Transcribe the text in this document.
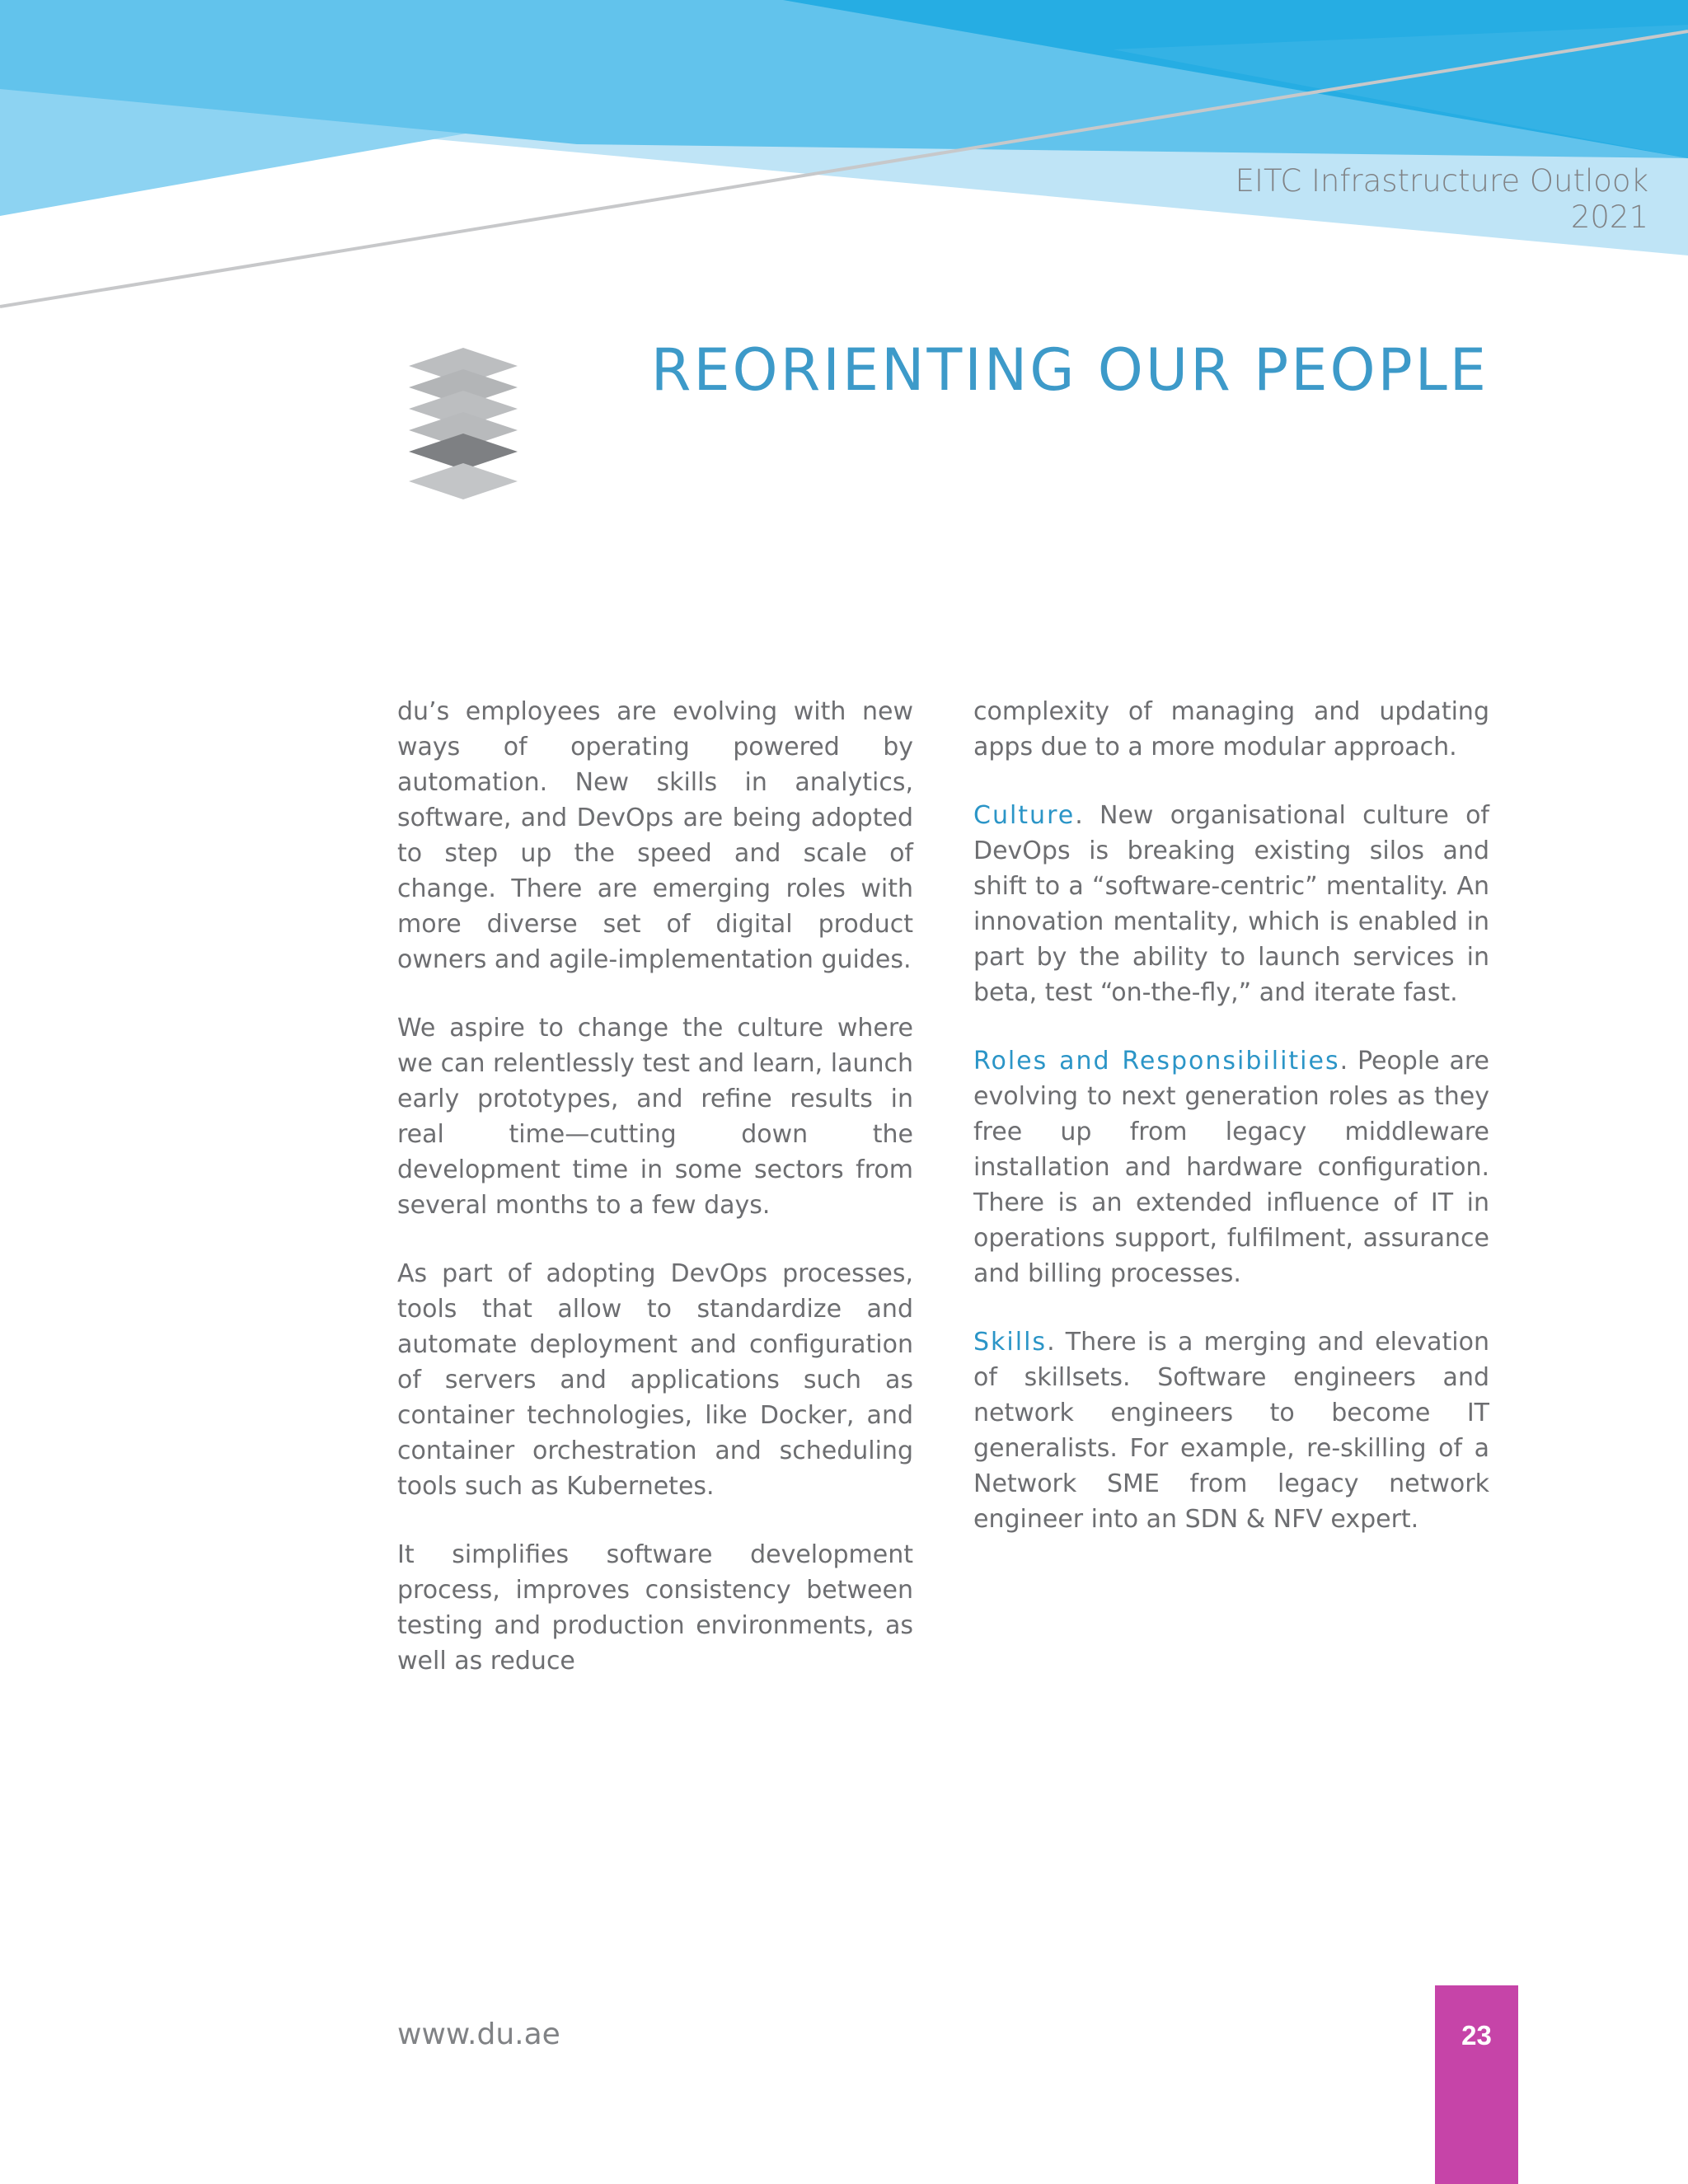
EITC Infrastructure Outlook
2021
REORIENTING OUR PEOPLE

du’s employees are evolving with new ways of operating powered by automation. New skills in analytics, software, and DevOps are being adopted to step up the speed and scale of change. There are emerging roles with more diverse set of digital product owners and agile-implementation guides.

We aspire to change the culture where we can relentlessly test and learn, launch early prototypes, and refine results in real time—cutting down the development time in some sectors from several months to a few days.

As part of adopting DevOps processes, tools that allow to standardize and automate deployment and configuration of servers and applications such as container technologies, like Docker, and container orchestration and scheduling tools such as Kubernetes.

It simplifies software development process, improves consistency between testing and production environments, as well as reduce

complexity of managing and updating apps due to a more modular approach.

Culture. New organisational culture of DevOps is breaking existing silos and shift to a “software-centric” mentality. An innovation mentality, which is enabled in part by the ability to launch services in beta, test “on-the-fly,” and iterate fast.

Roles and Responsibilities. People are evolving to next generation roles as they free up from legacy middleware installation and hardware configuration. There is an extended influence of IT in operations support, fulfilment, assurance and billing processes.

Skills. There is a merging and elevation of skillsets. Software engineers and network engineers to become IT generalists. For example, re-skilling of a Network SME from legacy network engineer into an SDN & NFV expert.

www.du.ae	23
